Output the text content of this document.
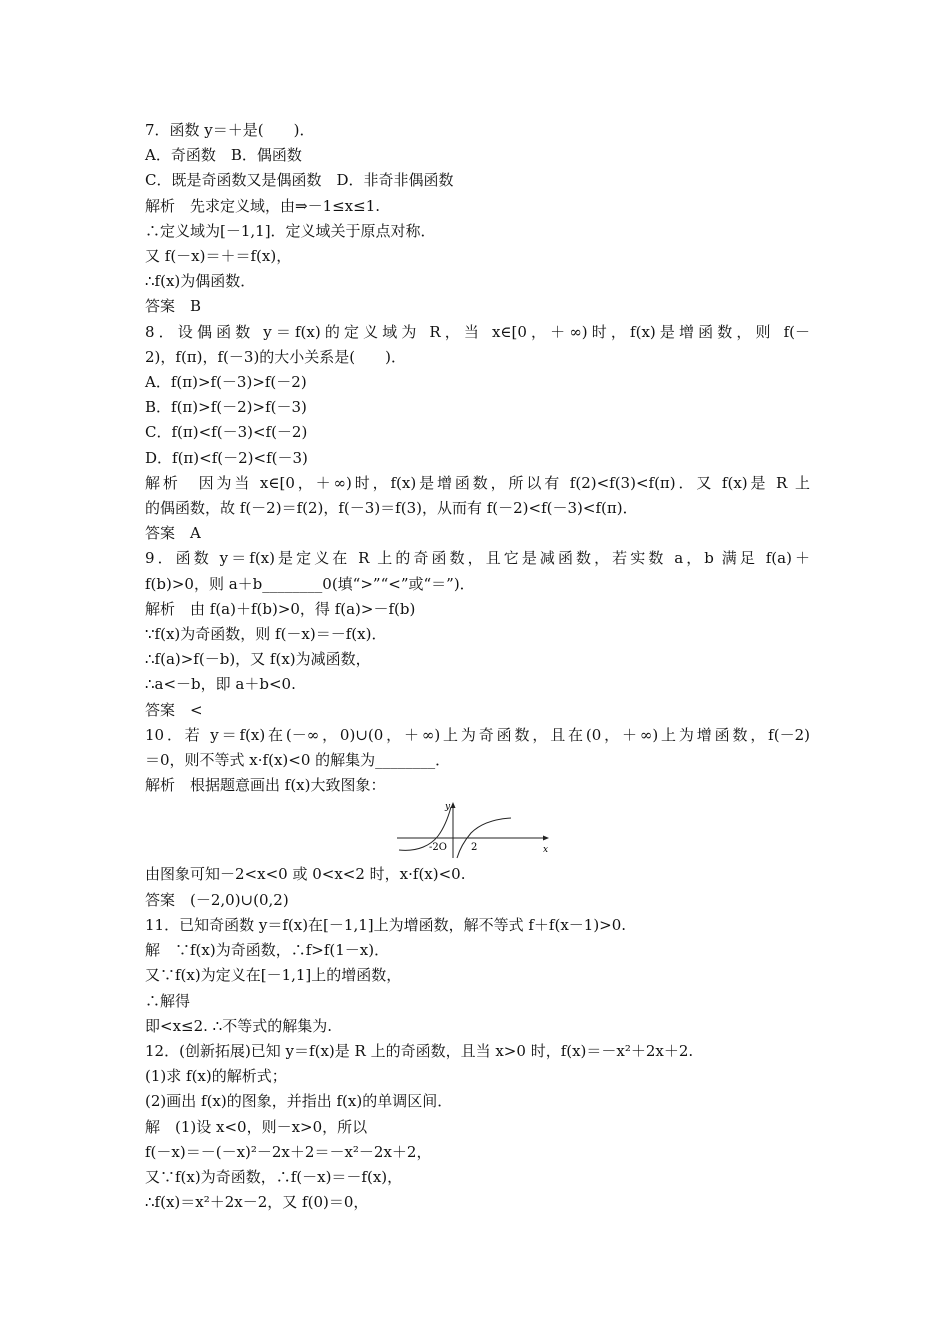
7．函数 y＝＋是(　　)．
A．奇函数　B．偶函数
C．既是奇函数又是偶函数　D．非奇非偶函数
解析　先求定义域，由⇒－1≤x≤1.
∴定义域为[－1,1]．定义域关于原点对称．
又 f(－x)＝＋＝f(x)，
∴f(x)为偶函数．
答案　B
8．设偶函数 y＝f(x)的定义域为 R，当 x∈[0，＋∞)时，f(x)是增函数，则 f(－
2)，f(π)，f(－3)的大小关系是(　　)．
A．f(π)>f(－3)>f(－2)
B．f(π)>f(－2)>f(－3)
C．f(π)<f(－3)<f(－2)
D．f(π)<f(－2)<f(－3)
解析　因为当 x∈[0，＋∞)时，f(x)是增函数，所以有 f(2)<f(3)<f(π)．又 f(x)是 R 上
的偶函数，故 f(－2)＝f(2)，f(－3)＝f(3)，从而有 f(－2)<f(－3)<f(π)．
答案　A
9．函数 y＝f(x)是定义在 R 上的奇函数，且它是减函数，若实数 a，b 满足 f(a)＋
f(b)>0，则 a＋b________0(填“>”“<”或“＝”)．
解析　由 f(a)＋f(b)>0，得 f(a)>－f(b)
∵f(x)为奇函数，则 f(－x)＝－f(x)．
∴f(a)>f(－b)，又 f(x)为减函数，
∴a<－b，即 a＋b<0.
答案　<
10．若 y＝f(x)在(－∞，0)∪(0，＋∞)上为奇函数，且在(0，＋∞)上为增函数，f(－2)
＝0，则不等式 x·f(x)<0 的解集为________．
解析　根据题意画出 f(x)大致图象：
y
x
-2O 2
由图象可知－2<x<0 或 0<x<2 时，x·f(x)<0.
答案　(－2,0)∪(0,2)
11．已知奇函数 y＝f(x)在[－1,1]上为增函数，解不等式 f＋f(x－1)>0.
解　∵f(x)为奇函数，∴f>f(1－x)．
又∵f(x)为定义在[－1,1]上的增函数，
∴解得
即<x≤2. ∴不等式的解集为.
12．(创新拓展)已知 y＝f(x)是 R 上的奇函数，且当 x>0 时，f(x)＝－x²＋2x＋2.
(1)求 f(x)的解析式；
(2)画出 f(x)的图象，并指出 f(x)的单调区间．
解　(1)设 x<0，则－x>0，所以
f(－x)＝－(－x)²－2x＋2＝－x²－2x＋2，
又∵f(x)为奇函数，∴f(－x)＝－f(x)，
∴f(x)＝x²＋2x－2，又 f(0)＝0，
